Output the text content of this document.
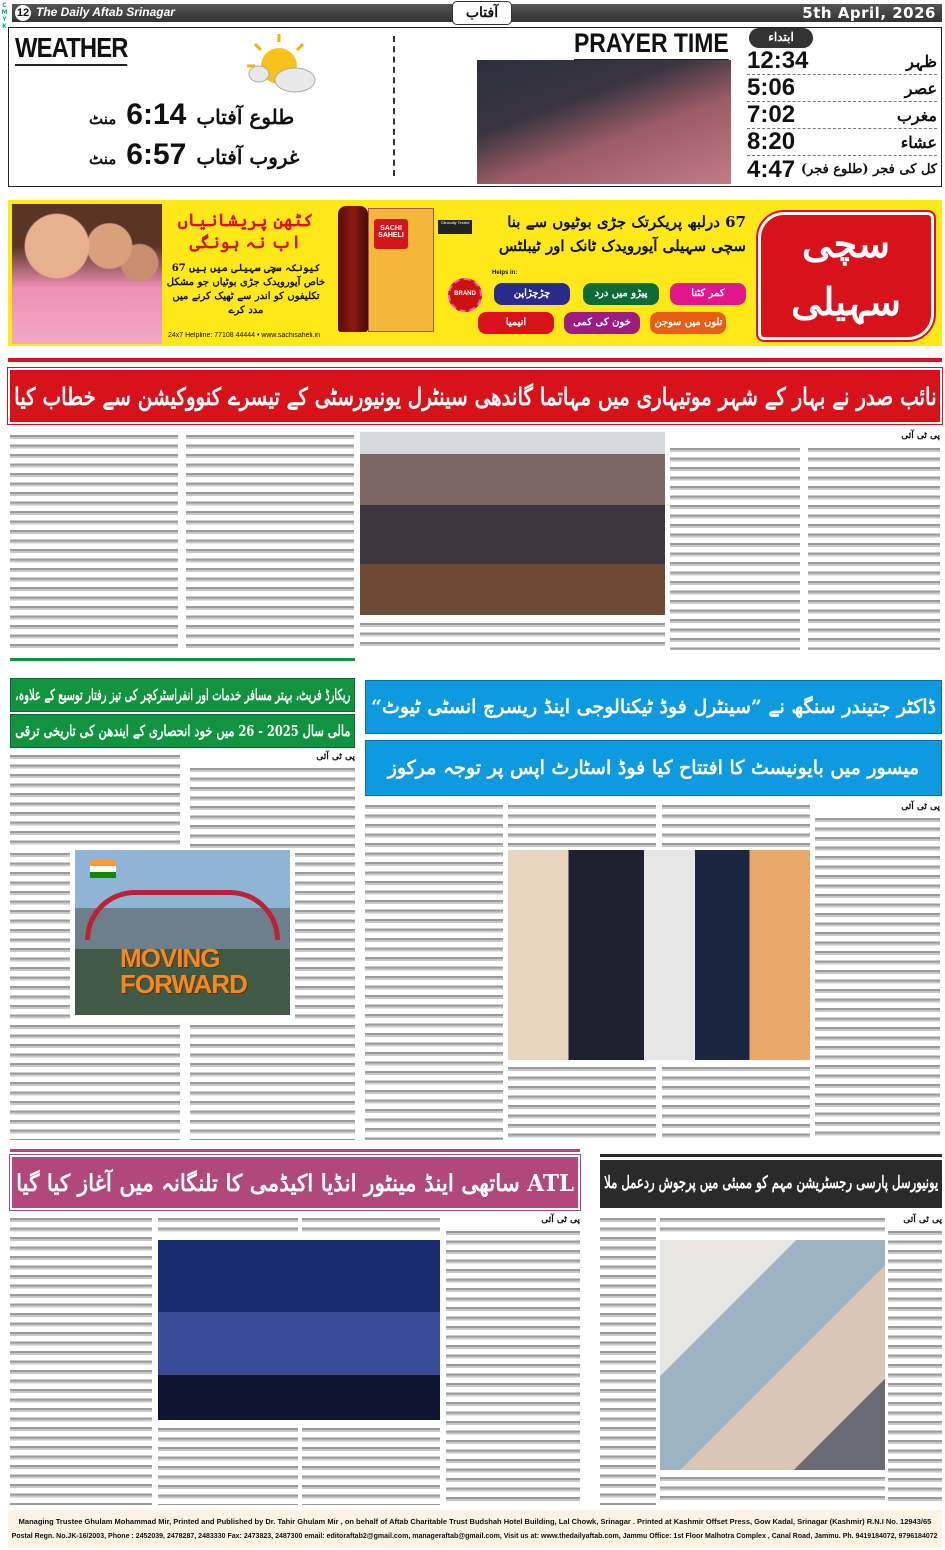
12 The Daily Aftab Srinagar	آفتاب	5th April, 2026
CMYK
WEATHER
طلوع آفتاب
6:14
منٹ
غروب آفتاب
6:57
منٹ
PRAYER TIME	ابتداء
12:34	ظہر
5:06	عصر
7:02	مغرب
8:20	عشاء
4:47 کل کی فجر (طلوع فجر)
کٹھن پریشانیاں اب نہ ہونگی
کیونکہ سچی سہیلی میں ہیں 67 خاص آیورویدک جڑی بوٹیاں جو مشکل تکلیفوں کو اندر سے ٹھیک کرنے میں مدد کرے
24x7 Helpline: 77108 44444 • www.sachisaheli.in
SACHI SAHELI
Clinically Tested
BRAND
67 درلبھ پریکرتک جڑی بوٹیوں سے بنا
سچی سہیلی آیورویدک ٹانک اور ٹیبلٹس
Helps in:
کمر کٹنا
پیڑو میں درد
چڑچڑاپن
تلوں میں سوجن
خون کی کمی
انیمیا
سچی سہیلی
نائب صدر نے بہار کے شہر موتیہاری میں مہاتما گاندھی سینٹرل یونیورسٹی کے تیسرے کنووکیشن سے خطاب کیا
پی ٹی آئی
ریکارڈ فریٹ، بہتر مسافر خدمات اور انفراسٹرکچر کی تیز رفتار توسیع کے علاوہ،
مالی سال 2025 - 26 میں خود انحصاری کے ایندھن کی تاریخی ترقی
پی ٹی آئی
MOVING FORWARD
ڈاکٹر جتیندر سنگھ نے ”سینٹرل فوڈ ٹیکنالوجی اینڈ ریسرچ انسٹی ٹیوٹ“
میسور میں بایونیسٹ کا افتتاح کیا فوڈ اسٹارٹ اپس پر توجہ مرکوز
پی ٹی آئی
ATL ساتھی اینڈ مینٹور انڈیا اکیڈمی کا تلنگانہ میں آغاز کیا گیا
پی ٹی آئی
یونیورسل پارسی رجسٹریشن مہم کو ممبئی میں پرجوش ردعمل ملا
پی ٹی آئی
Managing Trustee Ghulam Mohammad Mir, Printed and Published by Dr. Tahir Ghulam Mir , on behalf of Aftab Charitable Trust Budshah Hotel Building, Lal Chowk, Srinagar . Printed at Kashmir Offset Press, Gow Kadal, Srinagar (Kashmir) R.N.I No. 12943/65
Postal Regn. No.JK-16/2003, Phone : 2452039, 2478287, 2483330 Fax: 2473823, 2487300 email: editoraftab2@gmail.com, manageraftab@gmail.com, Visit us at: www.thedailyaftab.com, Jammu Office: 1st Floor Malhotra Complex , Canal Road, Jammu. Ph. 9419184072, 9796184072
